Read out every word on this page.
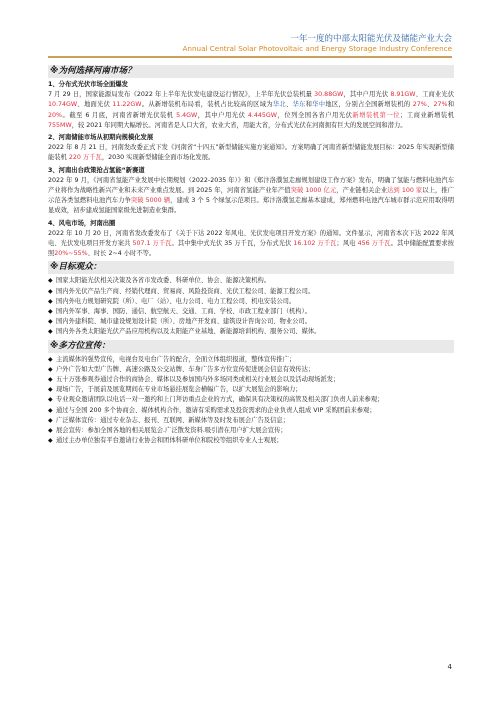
一年一度的中部太阳能光伏及储能产业大会
Annual Central Solar Photovoltaic and Energy Storage Industry Conference
※为何选择河南市场？
1、分布式光伏市场全面爆发

7 月 29 日，国家能源局发布《2022 年上半年光伏发电建设运行情况》，上半年光伏总装机量 30.88GW，其中户用光伏 8.91GW、工商业光伏 10.74GW、地面光伏 11.22GW。从新增装机布局看，装机占比较高的区域为华北、华东和华中地区，分别占全国新增装机的 27%、27%和 20%。截至 6 月底，河南省新增光伏装机 5.4GW，其中户用光伏 4.445GW，位列全国各省户用光伏新增装机第一位；工商业新增装机 755MW，较 2021 年同期大幅增长。河南省是人口大省，农业大省，用能大省，分布式光伏在河南拥有巨大的发展空间和潜力。

2、河南储能市场从初期向规模化发展

2022 年 8 月 21 日，河南发改委正式下发《河南省“十四五”新型储能实施方案通知》。方案明确了河南省新型储能发展目标：2025 年实现新型储能装机 220 万千瓦，2030 实现新型储能全面市场化发展。

3、河南出台政策抢占氢能“新赛道

2022 年 9 月，《河南省氢能产业发展中长期规划（2022-2035 年）》和《郑汴洛濮氢走廊规划建设工作方案》发布，明确了氢能与燃料电池汽车产业将作为战略性新兴产业和未来产业重点发展。到 2025 年，河南省氢能产业年产值突破 1000 亿元，产业链相关企业达到 100 家以上，推广示范各类氢燃料电池汽车力争突破 5000 辆，建成 3 个 5 个绿氢示范项目。郑汴洛濮氢走廊基本建成，郑州燃料电池汽车城市群示范应用取得明显成效，初步建成氢能国家级先进制造业集群。

4、风电市场，河南出圈

2022 年 10 月 20 日，河南省发改委发布了《关于下达 2022 年风电、光伏发电项目开发方案》的通知。文件显示，河南省本次下达 2022 年风电、光伏发电项目开发方案共 507.1 万千瓦。其中集中式光伏 35 万千瓦，分布式光伏 16.102 万千瓦；风电 456 万千瓦。其中储能配置要求按照20%~55%、时长 2~4 小时不等。

※目标观众：
◆ 国家太阳能光伏相关决策及各省市发改委、科研单位、协会、能源决策机构。
◆ 国内外光伏产品生产商、经销代理商、贸易商、风险投资商、光伏工程公司、能源工程公司。
◆ 国内外电力规划研究院（所）、电厂（站）、电力公司、电力工程公司、机电安装公司。
◆ 国内外军事、海事、国防、通信、航空航天、交通、工商、学校、市政工程业部门（机构）。
◆ 国内外建科院、城市建设规划设计院（所）、房地产开发商、建筑设计咨询公司、物业公司。
◆ 国内外各类太阳能光伏产品应用机构以及太阳能产业基地、新能源培训机构、服务公司、媒体。
※多方位宣传：
◆ 主流媒体的强势宣传，电视台及电台广告的配合，全面立体组织报道，整体宣传推广；
◆ 户外广告如大型广告牌、高速公路及公交站牌、车身广告多方位宣传促进展会信息有效传达；
◆ 五十万张参观券通过合作的商协会、媒体以及参加国内外多场同类或相关行业展会以及活动现场派发；
◆ 现场广告，于展前及展览期间在专业市场悬挂展览会横幅广告，以扩大展览会的影响力；
◆ 专业观众邀请团队以电话一对一邀约和上门拜访重点企业的方式，确保具有决策权的高管及相关部门负责人前来参观；
◆ 通过与全国 200 多个协商会、媒体机构合作，邀请有采购需求及投资需求的企业负责人组成 VIP 采购团前来参观；
◆ 广泛媒体宣传：通过专业杂志、报刊、互联网、新媒体等及时发布展会广告及信息；
◆ 展会宣传：参加全国各地的相关展览会.广泛散发资料.吸引潜在用户扩大展会宣传；
◆ 通过主办单位独有平台邀请行业协会和团体科研单位和院校等组织专业人士观展；
4
